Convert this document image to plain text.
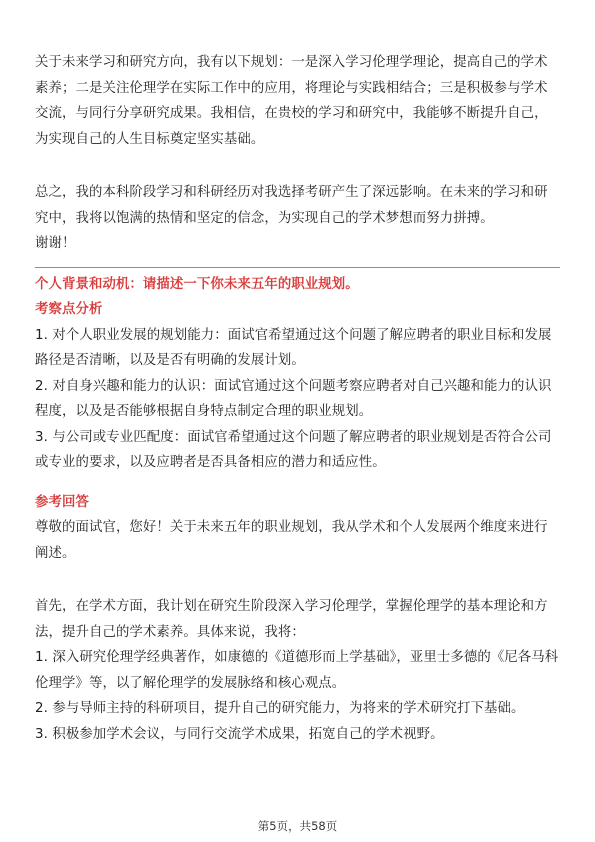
关于未来学习和研究方向，我有以下规划：一是深入学习伦理学理论，提高自己的学术素养；二是关注伦理学在实际工作中的应用，将理论与实践相结合；三是积极参与学术交流，与同行分享研究成果。我相信，在贵校的学习和研究中，我能够不断提升自己，为实现自己的人生目标奠定坚实基础。

总之，我的本科阶段学习和科研经历对我选择考研产生了深远影响。在未来的学习和研究中，我将以饱满的热情和坚定的信念，为实现自己的学术梦想而努力拼搏。

谢谢！

个人背景和动机：请描述一下你未来五年的职业规划。

考察点分析

1. 对个人职业发展的规划能力：面试官希望通过这个问题了解应聘者的职业目标和发展路径是否清晰，以及是否有明确的发展计划。

2. 对自身兴趣和能力的认识：面试官通过这个问题考察应聘者对自己兴趣和能力的认识程度，以及是否能够根据自身特点制定合理的职业规划。

3. 与公司或专业匹配度：面试官希望通过这个问题了解应聘者的职业规划是否符合公司或专业的要求，以及应聘者是否具备相应的潜力和适应性。

参考回答

尊敬的面试官，您好！关于未来五年的职业规划，我从学术和个人发展两个维度来进行阐述。

首先，在学术方面，我计划在研究生阶段深入学习伦理学，掌握伦理学的基本理论和方法，提升自己的学术素养。具体来说，我将：

1. 深入研究伦理学经典著作，如康德的《道德形而上学基础》，亚里士多德的《尼各马科伦理学》等，以了解伦理学的发展脉络和核心观点。

2. 参与导师主持的科研项目，提升自己的研究能力，为将来的学术研究打下基础。

3. 积极参加学术会议，与同行交流学术成果，拓宽自己的学术视野。

第5页，共58页
